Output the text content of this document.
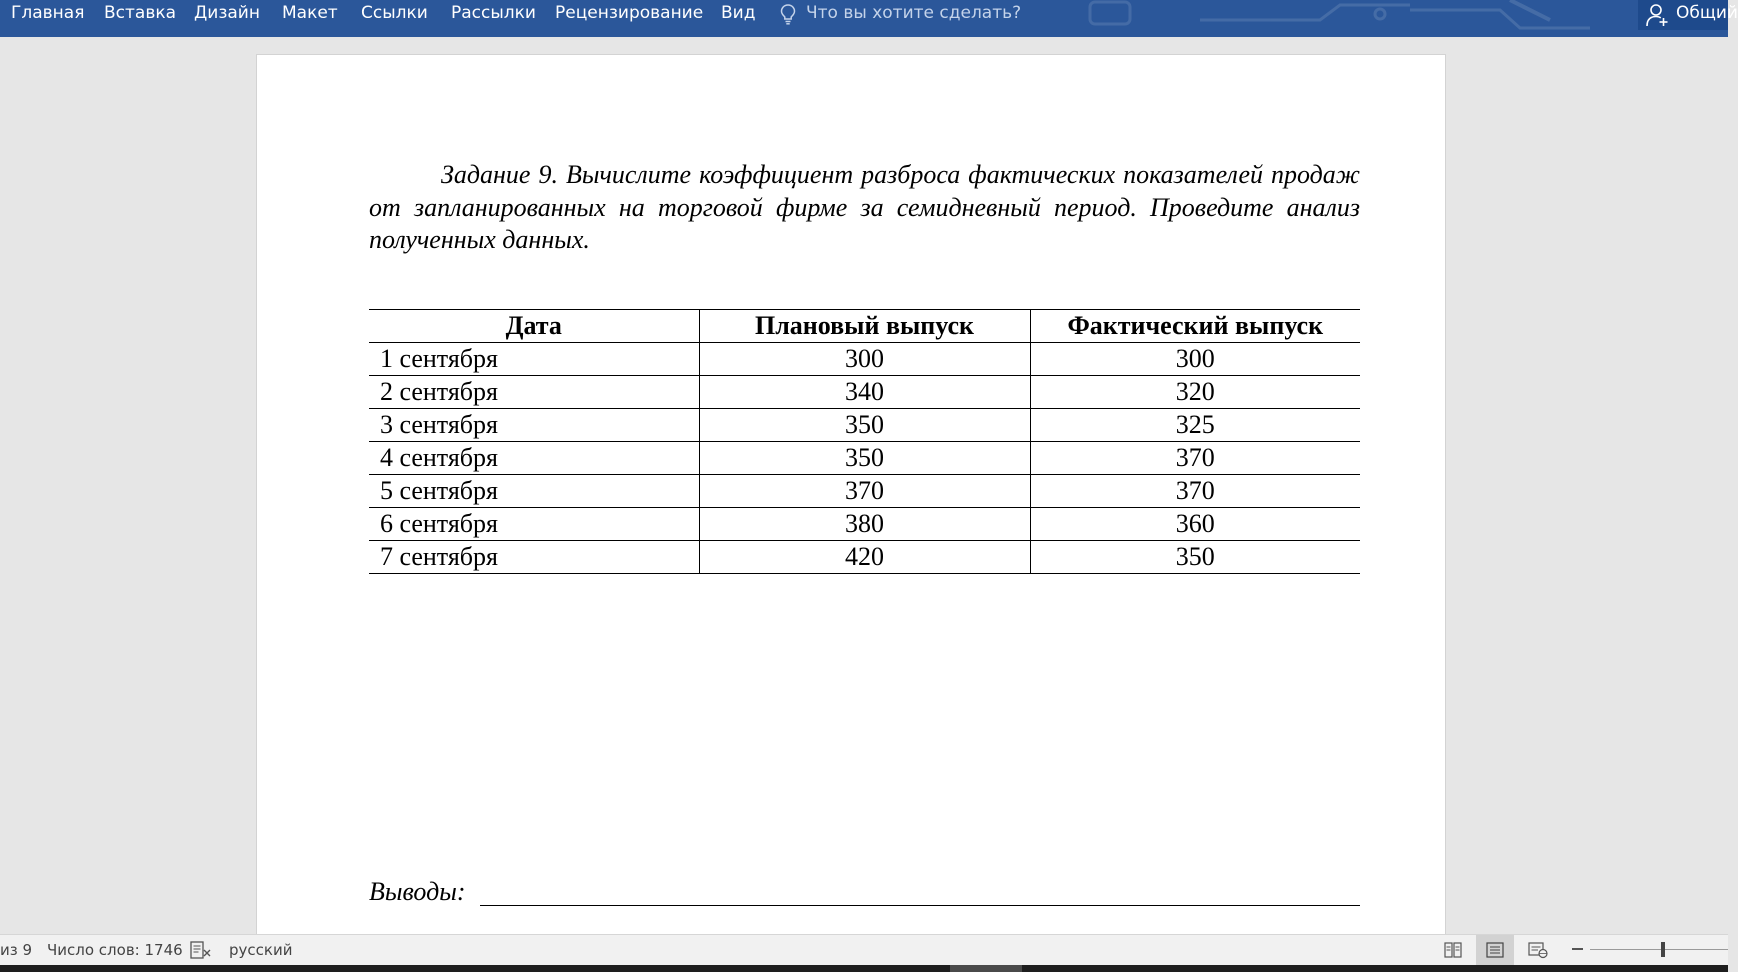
Главная Вставка Дизайн Макет Ссылки Рассылки Рецензирование Вид	Что вы хотите сделать?	Общий
Задание 9. Вычислите коэффициент разброса фактических показателей продаж от запланированных на торговой фирме за семидневный период. Проведите анализ полученных данных.
Дата	Плановый выпуск	Фактический выпуск
1 сентября	300	300
2 сентября	340	320
3 сентября	350	325
4 сентября	350	370
5 сентября	370	370
6 сентября	380	360
7 сентября	420	350
Выводы:
из 9 Число слов: 1746	русский
